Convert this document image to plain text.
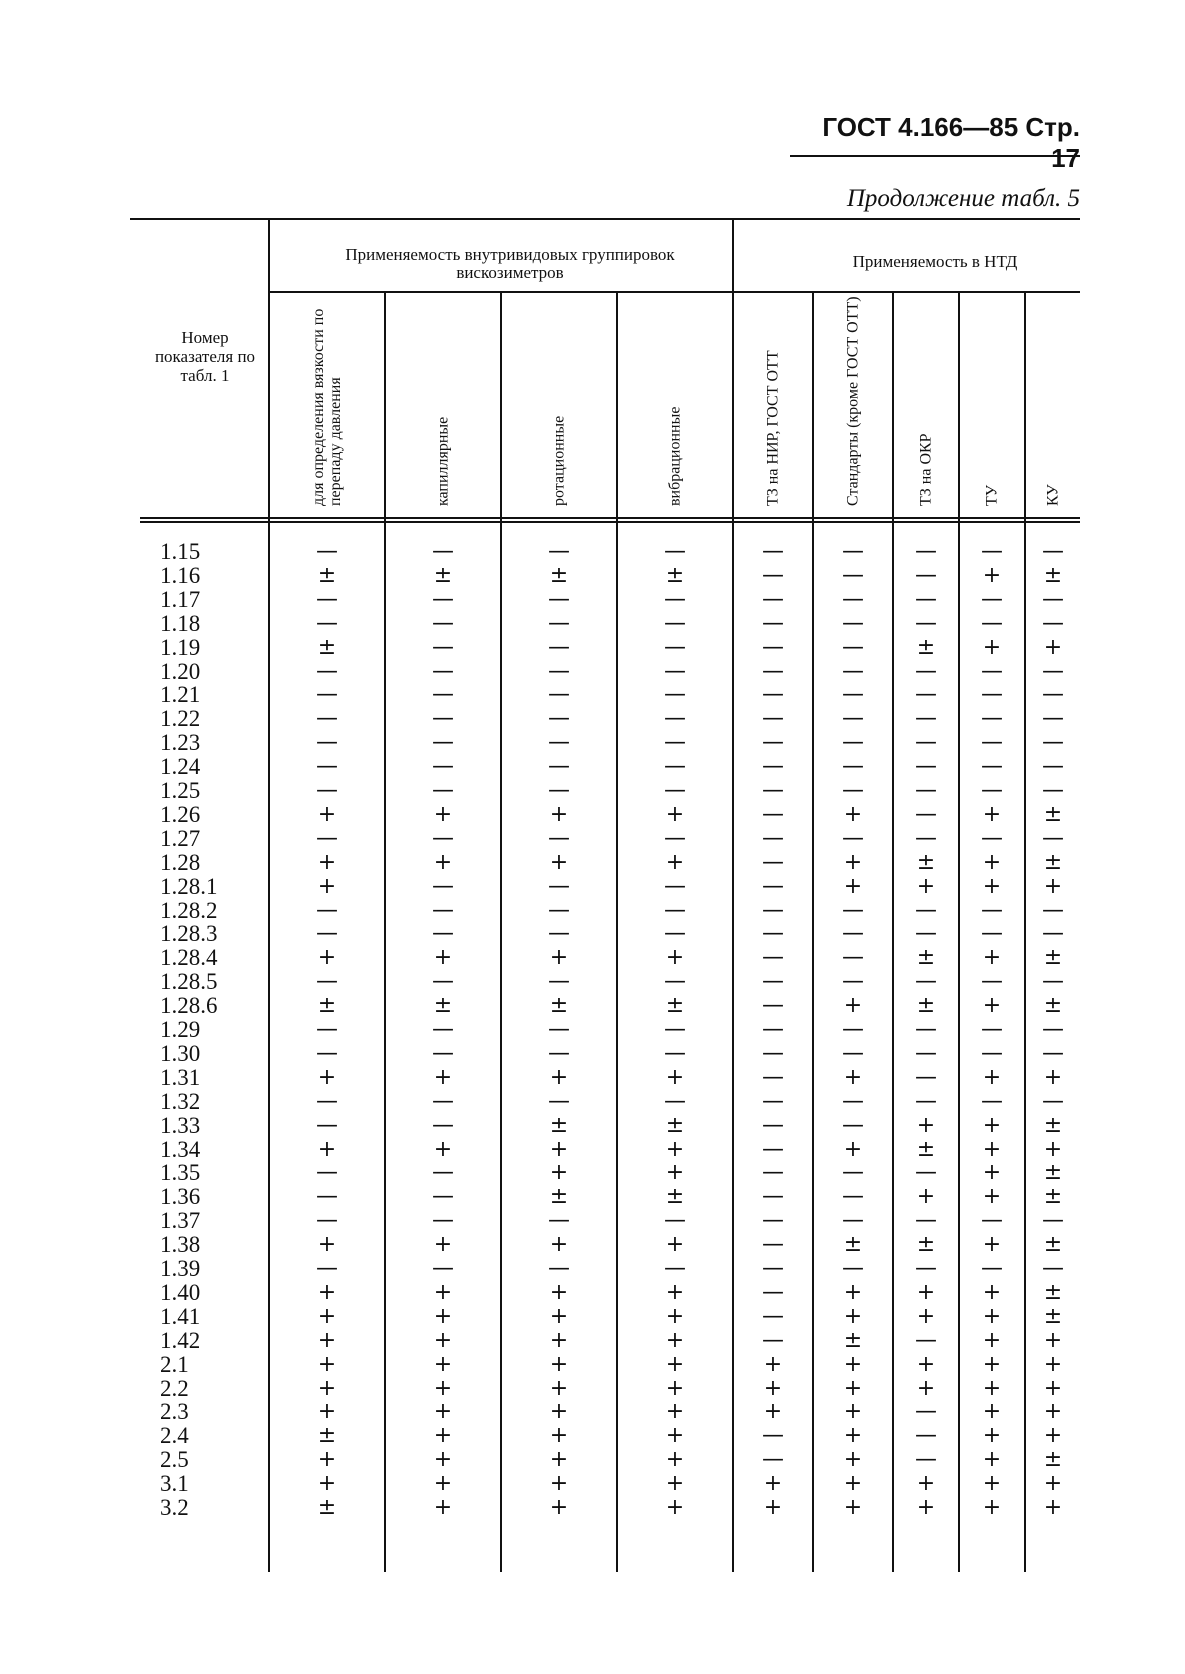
ГОСТ 4.166—85 Стр. 17
Продолжение табл. 5
Применяемость внутривидовых группировок вискозиметров
Применяемость в НТД
Номер показателя по табл. 1	для определения вязкости по перепаду давления	капиллярные	ротационные	вибрационные	ТЗ на НИР, ГОСТ ОТТ	Стандарты (кроме ГОСТ ОТТ)	ТЗ на ОКР	ТУ	КУ
1.15	—	—	—	—	—	—	—	—	—
1.16	±	±	±	±	—	—	—	+	±
1.17	—	—	—	—	—	—	—	—	—
1.18	—	—	—	—	—	—	—	—	—
1.19	±	—	—	—	—	—	±	+	+
1.20	—	—	—	—	—	—	—	—	—
1.21	—	—	—	—	—	—	—	—	—
1.22	—	—	—	—	—	—	—	—	—
1.23	—	—	—	—	—	—	—	—	—
1.24	—	—	—	—	—	—	—	—	—
1.25	—	—	—	—	—	—	—	—	—
1.26	+	+	+	+	—	+	—	+	±
1.27	—	—	—	—	—	—	—	—	—
1.28	+	+	+	+	—	+	±	+	±
1.28.1	+	—	—	—	—	+	+	+	+
1.28.2	—	—	—	—	—	—	—	—	—
1.28.3	—	—	—	—	—	—	—	—	—
1.28.4	+	+	+	+	—	—	±	+	±
1.28.5	—	—	—	—	—	—	—	—	—
1.28.6	±	±	±	±	—	+	±	+	±
1.29	—	—	—	—	—	—	—	—	—
1.30	—	—	—	—	—	—	—	—	—
1.31	+	+	+	+	—	+	—	+	+
1.32	—	—	—	—	—	—	—	—	—
1.33	—	—	±	±	—	—	+	+	±
1.34	+	+	+	+	—	+	±	+	+
1.35	—	—	+	+	—	—	—	+	±
1.36	—	—	±	±	—	—	+	+	±
1.37	—	—	—	—	—	—	—	—	—
1.38	+	+	+	+	—	±	±	+	±
1.39	—	—	—	—	—	—	—	—	—
1.40	+	+	+	+	—	+	+	+	±
1.41	+	+	+	+	—	+	+	+	±
1.42	+	+	+	+	—	±	—	+	+
2.1	+	+	+	+	+	+	+	+	+
2.2	+	+	+	+	+	+	+	+	+
2.3	+	+	+	+	+	+	—	+	+
2.4	±	+	+	+	—	+	—	+	+
2.5	+	+	+	+	—	+	—	+	±
3.1	+	+	+	+	+	+	+	+	+
3.2	±	+	+	+	+	+	+	+	+
